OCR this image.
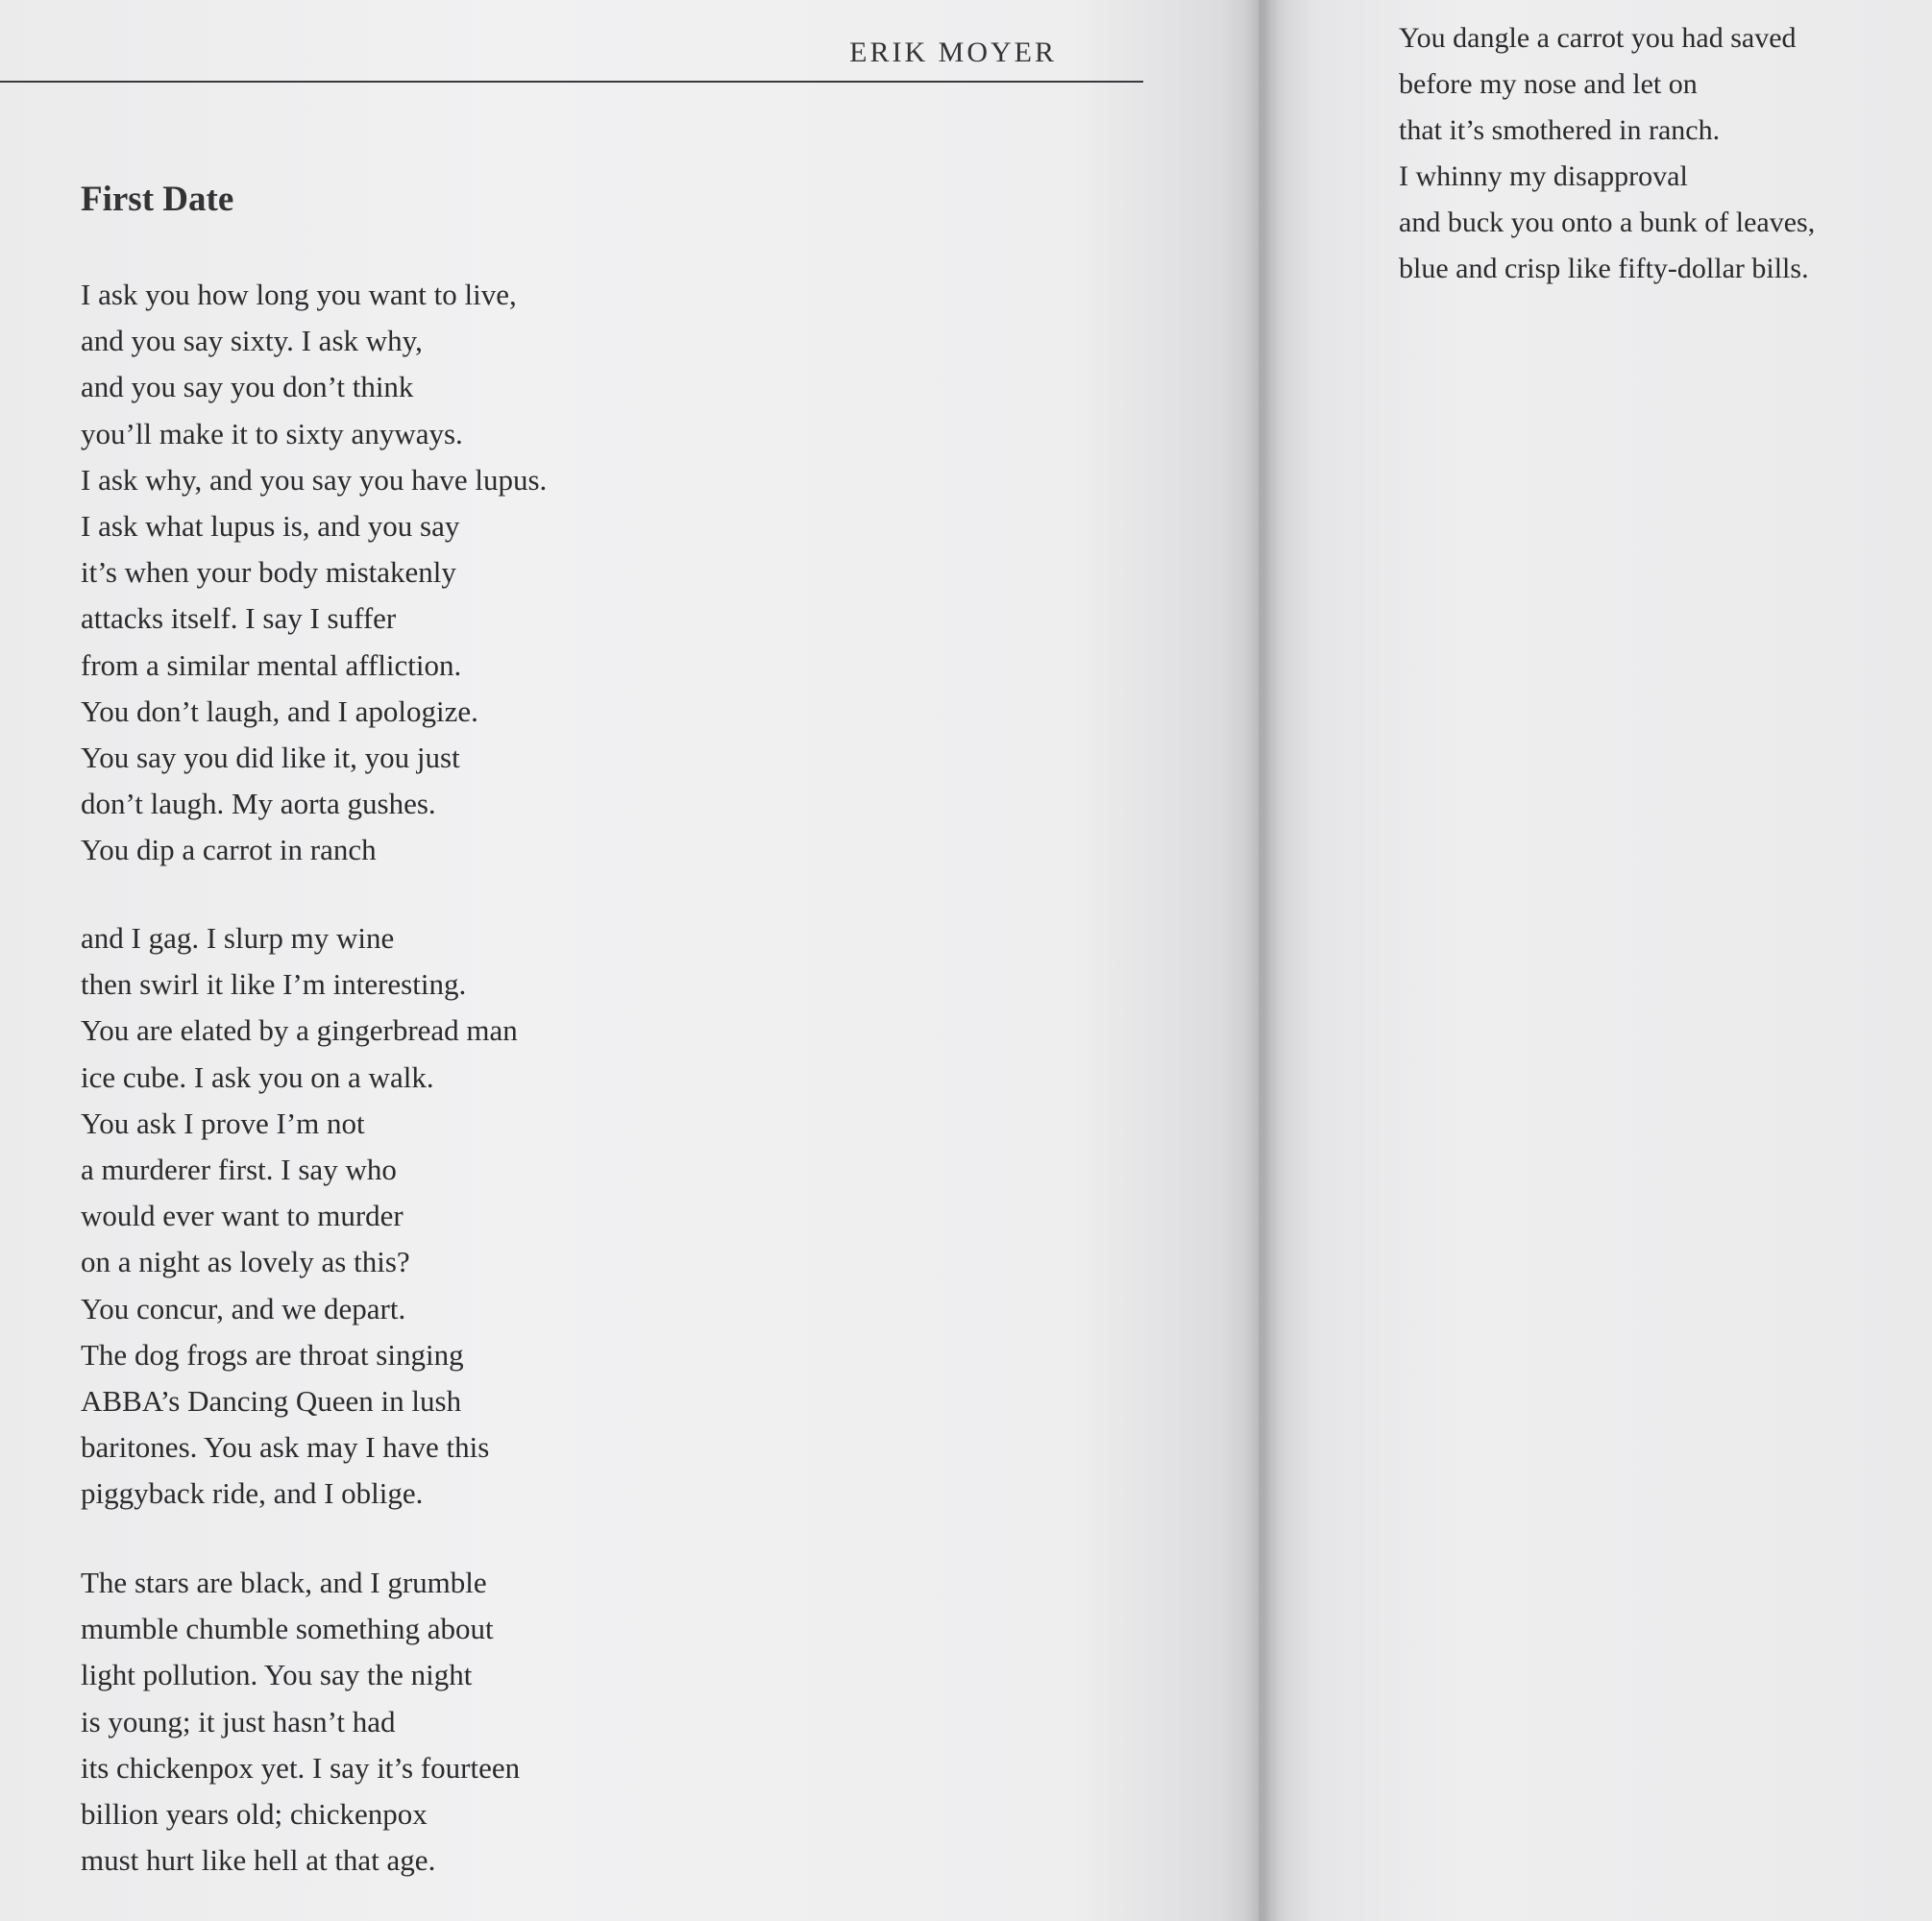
ERIK MOYER
First Date
I ask you how long you want to live,
and you say sixty. I ask why,
and you say you don’t think
you’ll make it to sixty anyways.
I ask why, and you say you have lupus.
I ask what lupus is, and you say
it’s when your body mistakenly
attacks itself. I say I suffer
from a similar mental affliction.
You don’t laugh, and I apologize.
You say you did like it, you just
don’t laugh. My aorta gushes.
You dip a carrot in ranch
and I gag. I slurp my wine
then swirl it like I’m interesting.
You are elated by a gingerbread man
ice cube. I ask you on a walk.
You ask I prove I’m not
a murderer first. I say who
would ever want to murder
on a night as lovely as this?
You concur, and we depart.
The dog frogs are throat singing
ABBA’s Dancing Queen in lush
baritones. You ask may I have this
piggyback ride, and I oblige.
The stars are black, and I grumble
mumble chumble something about
light pollution. You say the night
is young; it just hasn’t had
its chickenpox yet. I say it’s fourteen
billion years old; chickenpox
must hurt like hell at that age.
You dangle a carrot you had saved
before my nose and let on
that it’s smothered in ranch.
I whinny my disapproval
and buck you onto a bunk of leaves,
blue and crisp like fifty-dollar bills.
